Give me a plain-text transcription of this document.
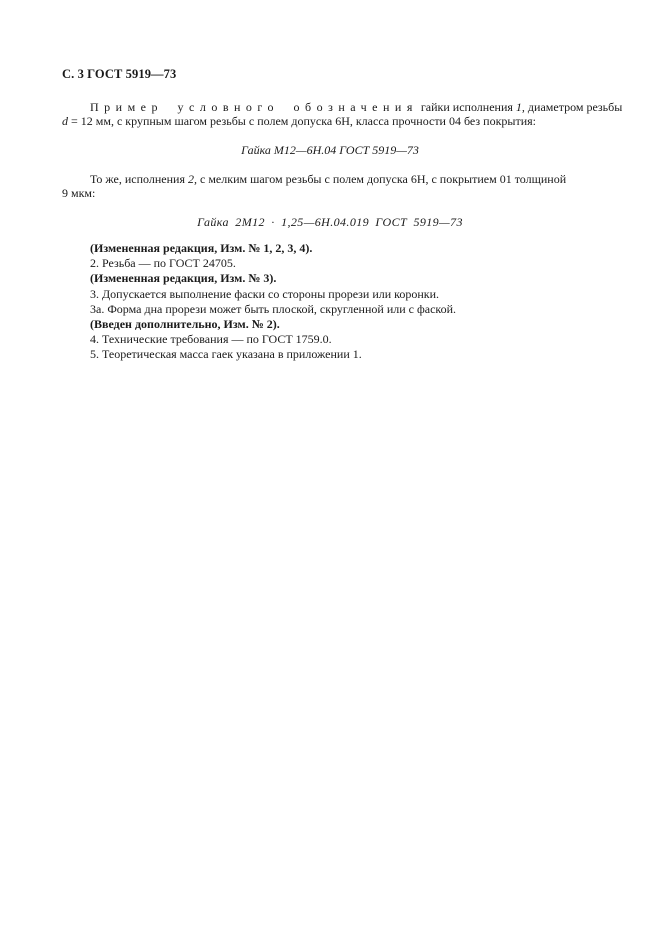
С. 3 ГОСТ 5919—73
Пример условного обозначения гайки исполнения 1, диаметром резьбы
d = 12 мм, с крупным шагом резьбы с полем допуска 6H, класса прочности 04 без покрытия:
Гайка М12—6Н.04 ГОСТ 5919—73
То же, исполнения 2, с мелким шагом резьбы с полем допуска 6Н, с покрытием 01 толщиной
9 мкм:
Гайка 2М12 · 1,25—6Н.04.019 ГОСТ 5919—73
(Измененная редакция, Изм. № 1, 2, 3, 4).
2. Резьба — по ГОСТ 24705.
(Измененная редакция, Изм. № 3).
3. Допускается выполнение фаски со стороны прорези или коронки.
3а. Форма дна прорези может быть плоской, скругленной или с фаской.
(Введен дополнительно, Изм. № 2).
4. Технические требования — по ГОСТ 1759.0.
5. Теоретическая масса гаек указана в приложении 1.
